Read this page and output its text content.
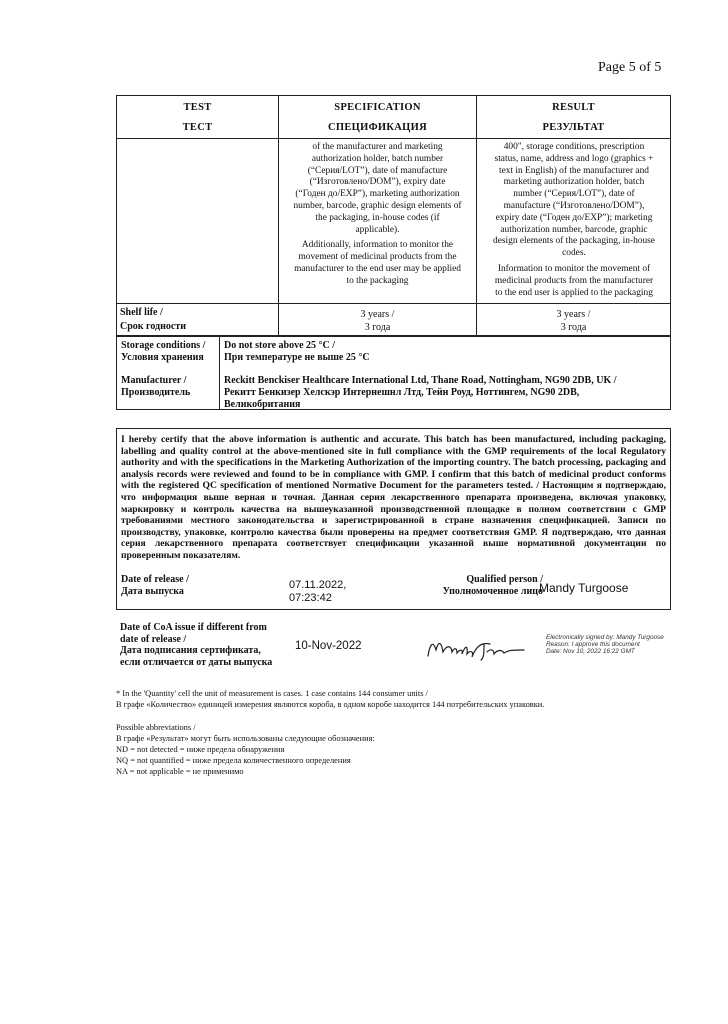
Page 5 of 5
TEST
ТЕСТ
SPECIFICATION
СПЕЦИФИКАЦИЯ
RESULT
РЕЗУЛЬТАТ
of the manufacturer and marketing
authorization holder, batch number
(“Серия/LOT”), date of manufacture
(“Изготовлено/DOM”), expiry date
(“Годен до/EXP”), marketing authorization
number, barcode, graphic design elements of
the packaging, in-house codes (if
applicable).
Additionally, information to monitor the
movement of medicinal products from the
manufacturer to the end user may be applied
to the packaging
400", storage conditions, prescription
status, name, address and logo (graphics +
text in English) of the manufacturer and
marketing authorization holder, batch
number (“Серия/LOT”), date of
manufacture (“Изготовлено/DOM”),
expiry date (“Годен до/EXP”); marketing
authorization number, barcode, graphic
design elements of the packaging, in-house
codes.
Information to monitor the movement of
medicinal products from the manufacturer
to the end user is applied to the packaging
Shelf life /
Срок годности
3 years /
3 года
3 years /
3 года
Storage conditions /
Условия хранения
Do not store above 25 °C /
При температуре не выше 25 °C
Manufacturer /
Производитель
Reckitt Benckiser Healthcare International Ltd, Thane Road, Nottingham, NG90 2DB, UK /
Рекитт Бенкизер Хелскэр Интернешнл Лтд, Тейн Роуд, Ноттингем, NG90 2DB,
Великобритания
I hereby certify that the above information is authentic and accurate. This batch has been manufactured, including packaging, labelling and quality control at the above-mentioned site in full compliance with the GMP requirements of the local Regulatory authority and with the specifications in the Marketing Authorization of the importing country. The batch processing, packaging and analysis records were reviewed and found to be in compliance with GMP. I confirm that this batch of medicinal product conforms with the registered QC specification of mentioned Normative Document for the parameters tested. / Настоящим я подтверждаю, что информация выше верная и точная. Данная серия лекарственного препарата произведена, включая упаковку, маркировку и контроль качества на вышеуказанной производственной площадке в полном соответствии с GMP требованиями местного законодательства и зарегистрированной в стране назначения спецификацией. Записи по производству, упаковке, контролю качества были проверены на предмет соответствия GMP. Я подтверждаю, что данная серия лекарственного препарата соответствует спецификации указанной выше нормативной документации по проверенным показателям.
Date of release /
Дата выпуска
07.11.2022,
07:23:42
Qualified person /
Уполномоченное лицо
Mandy Turgoose
Date of CoA issue if different from
date of release /
Дата подписания сертификата,
если отличается от даты выпуска
10-Nov-2022
Electronically signed by: Mandy Turgoose
Reason: I approve this document
Date: Nov 10, 2022 16:22 GMT
* In the 'Quantity' cell the unit of measurement is cases. 1 case contains 144 consumer units /
В графе «Количество» единицей измерения являются короба, в одном коробе находится 144 потребительских упаковки.
Possible abbreviations /
В графе «Результат» могут быть использованы следующие обозначения:
ND = not detected = ниже предела обнаружения
NQ = not quantified = ниже предела количественного определения
NA = not applicable = не применимо
